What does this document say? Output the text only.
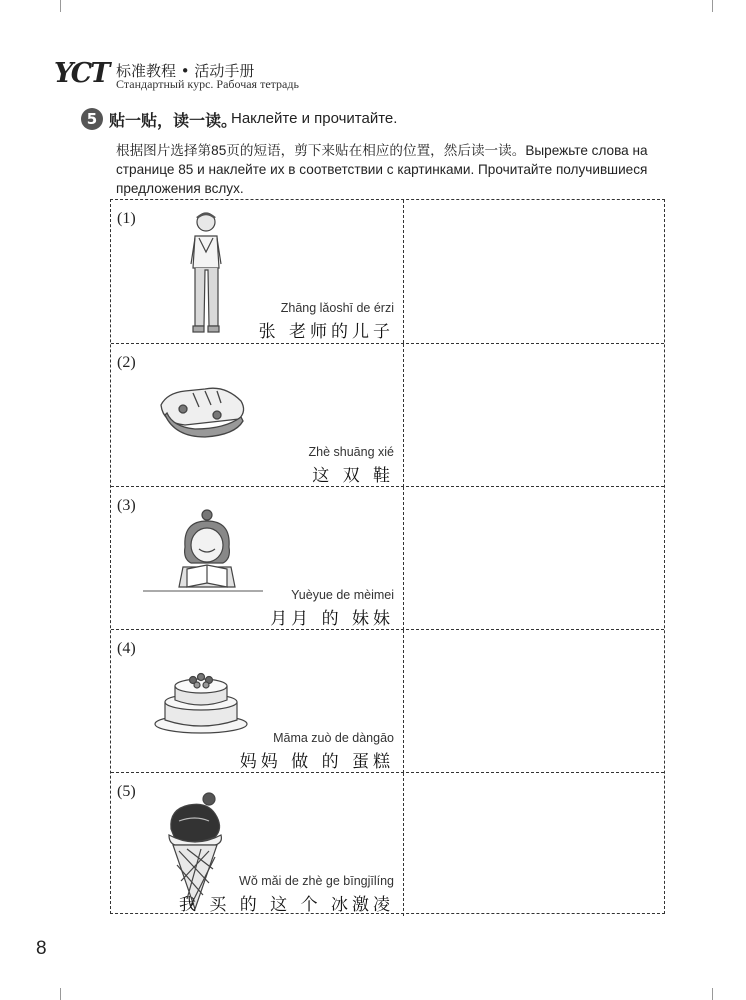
YCT 标准教程 • 活动手册
Стандартный курс. Рабочая тетрадь
5 贴一贴，读一读。
Наклейте и прочитайте.
根据图片选择第85页的短语，剪下来贴在相应的位置，然后读一读。Вырежьте слова на странице 85 и наклейте их в соответствии с картинками. Прочитайте получившиеся предложения вслух.
(1)
Zhāng lǎoshī de érzi
张 老师的儿子
(2)
Zhè shuāng xié
这 双 鞋
(3)
Yuèyue de mèimei
月月 的 妹妹
(4)
Māma zuò de dàngāo
妈妈 做 的 蛋糕
(5)
Wǒ mǎi de zhè ge bīngjīlíng
我 买 的 这 个 冰激凌
8
